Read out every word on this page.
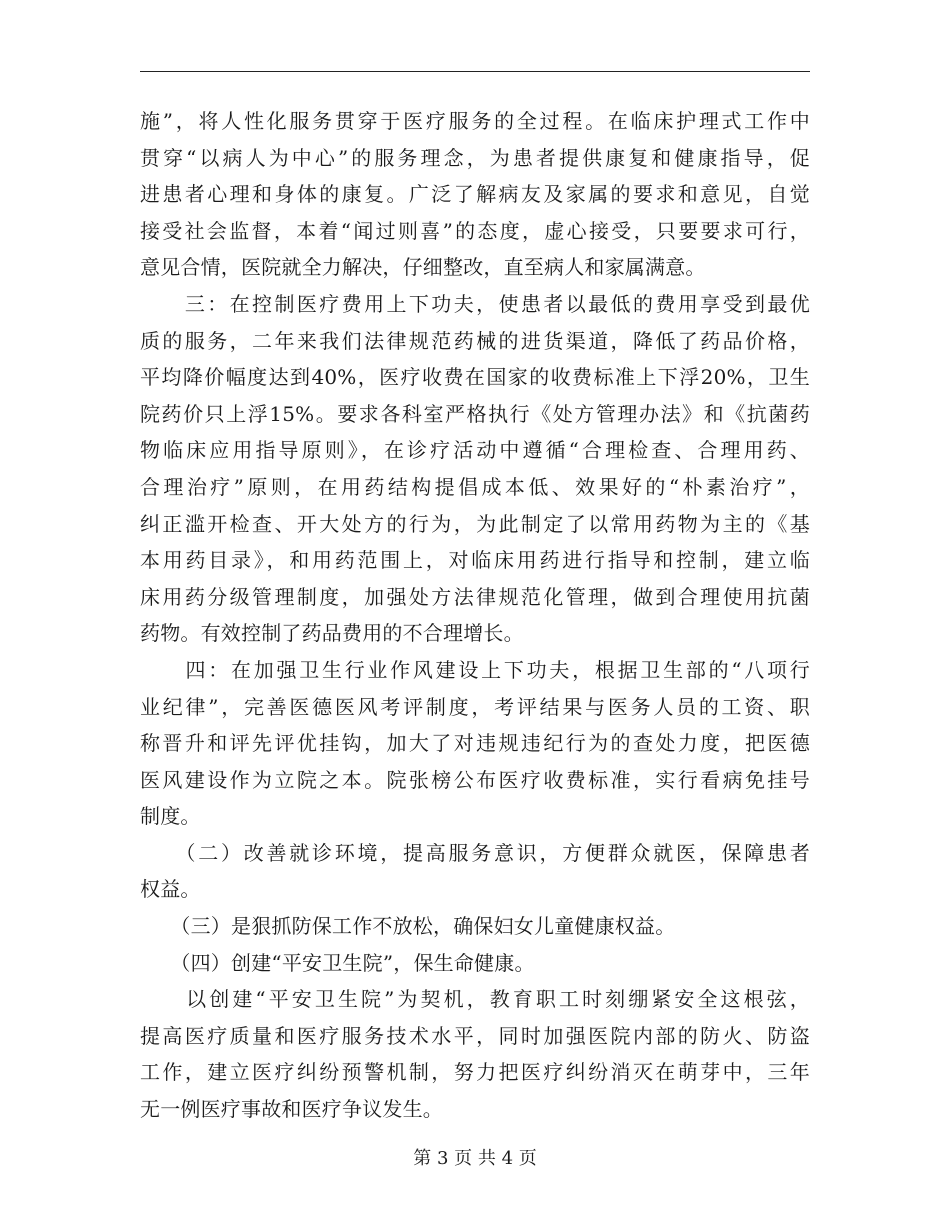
施”，将人性化服务贯穿于医疗服务的全过程。在临床护理式工作中
贯穿“以病人为中心”的服务理念，为患者提供康复和健康指导，促
进患者心理和身体的康复。广泛了解病友及家属的要求和意见，自觉
接受社会监督，本着“闻过则喜”的态度，虚心接受，只要要求可行，
意见合情，医院就全力解决，仔细整改，直至病人和家属满意。
　　三：在控制医疗费用上下功夫，使患者以最低的费用享受到最优
质的服务，二年来我们法律规范药械的进货渠道，降低了药品价格，
平均降价幅度达到40%，医疗收费在国家的收费标准上下浮20%，卫生
院药价只上浮15%。要求各科室严格执行《处方管理办法》和《抗菌药
物临床应用指导原则》，在诊疗活动中遵循“合理检查、合理用药、
合理治疗”原则，在用药结构提倡成本低、效果好的“朴素治疗”，
纠正滥开检查、开大处方的行为，为此制定了以常用药物为主的《基
本用药目录》，和用药范围上，对临床用药进行指导和控制，建立临
床用药分级管理制度，加强处方法律规范化管理，做到合理使用抗菌
药物。有效控制了药品费用的不合理增长。
　　四：在加强卫生行业作风建设上下功夫，根据卫生部的“八项行
业纪律”，完善医德医风考评制度，考评结果与医务人员的工资、职
称晋升和评先评优挂钩，加大了对违规违纪行为的查处力度，把医德
医风建设作为立院之本。院张榜公布医疗收费标准，实行看病免挂号
制度。
　　（二）改善就诊环境，提高服务意识，方便群众就医，保障患者
权益。
　　（三）是狠抓防保工作不放松，确保妇女儿童健康权益。
　　（四）创建“平安卫生院”，保生命健康。
　　以创建“平安卫生院”为契机，教育职工时刻绷紧安全这根弦，
提高医疗质量和医疗服务技术水平，同时加强医院内部的防火、防盗
工作，建立医疗纠纷预警机制，努力把医疗纠纷消灭在萌芽中，三年
无一例医疗事故和医疗争议发生。
第 3 页 共 4 页
